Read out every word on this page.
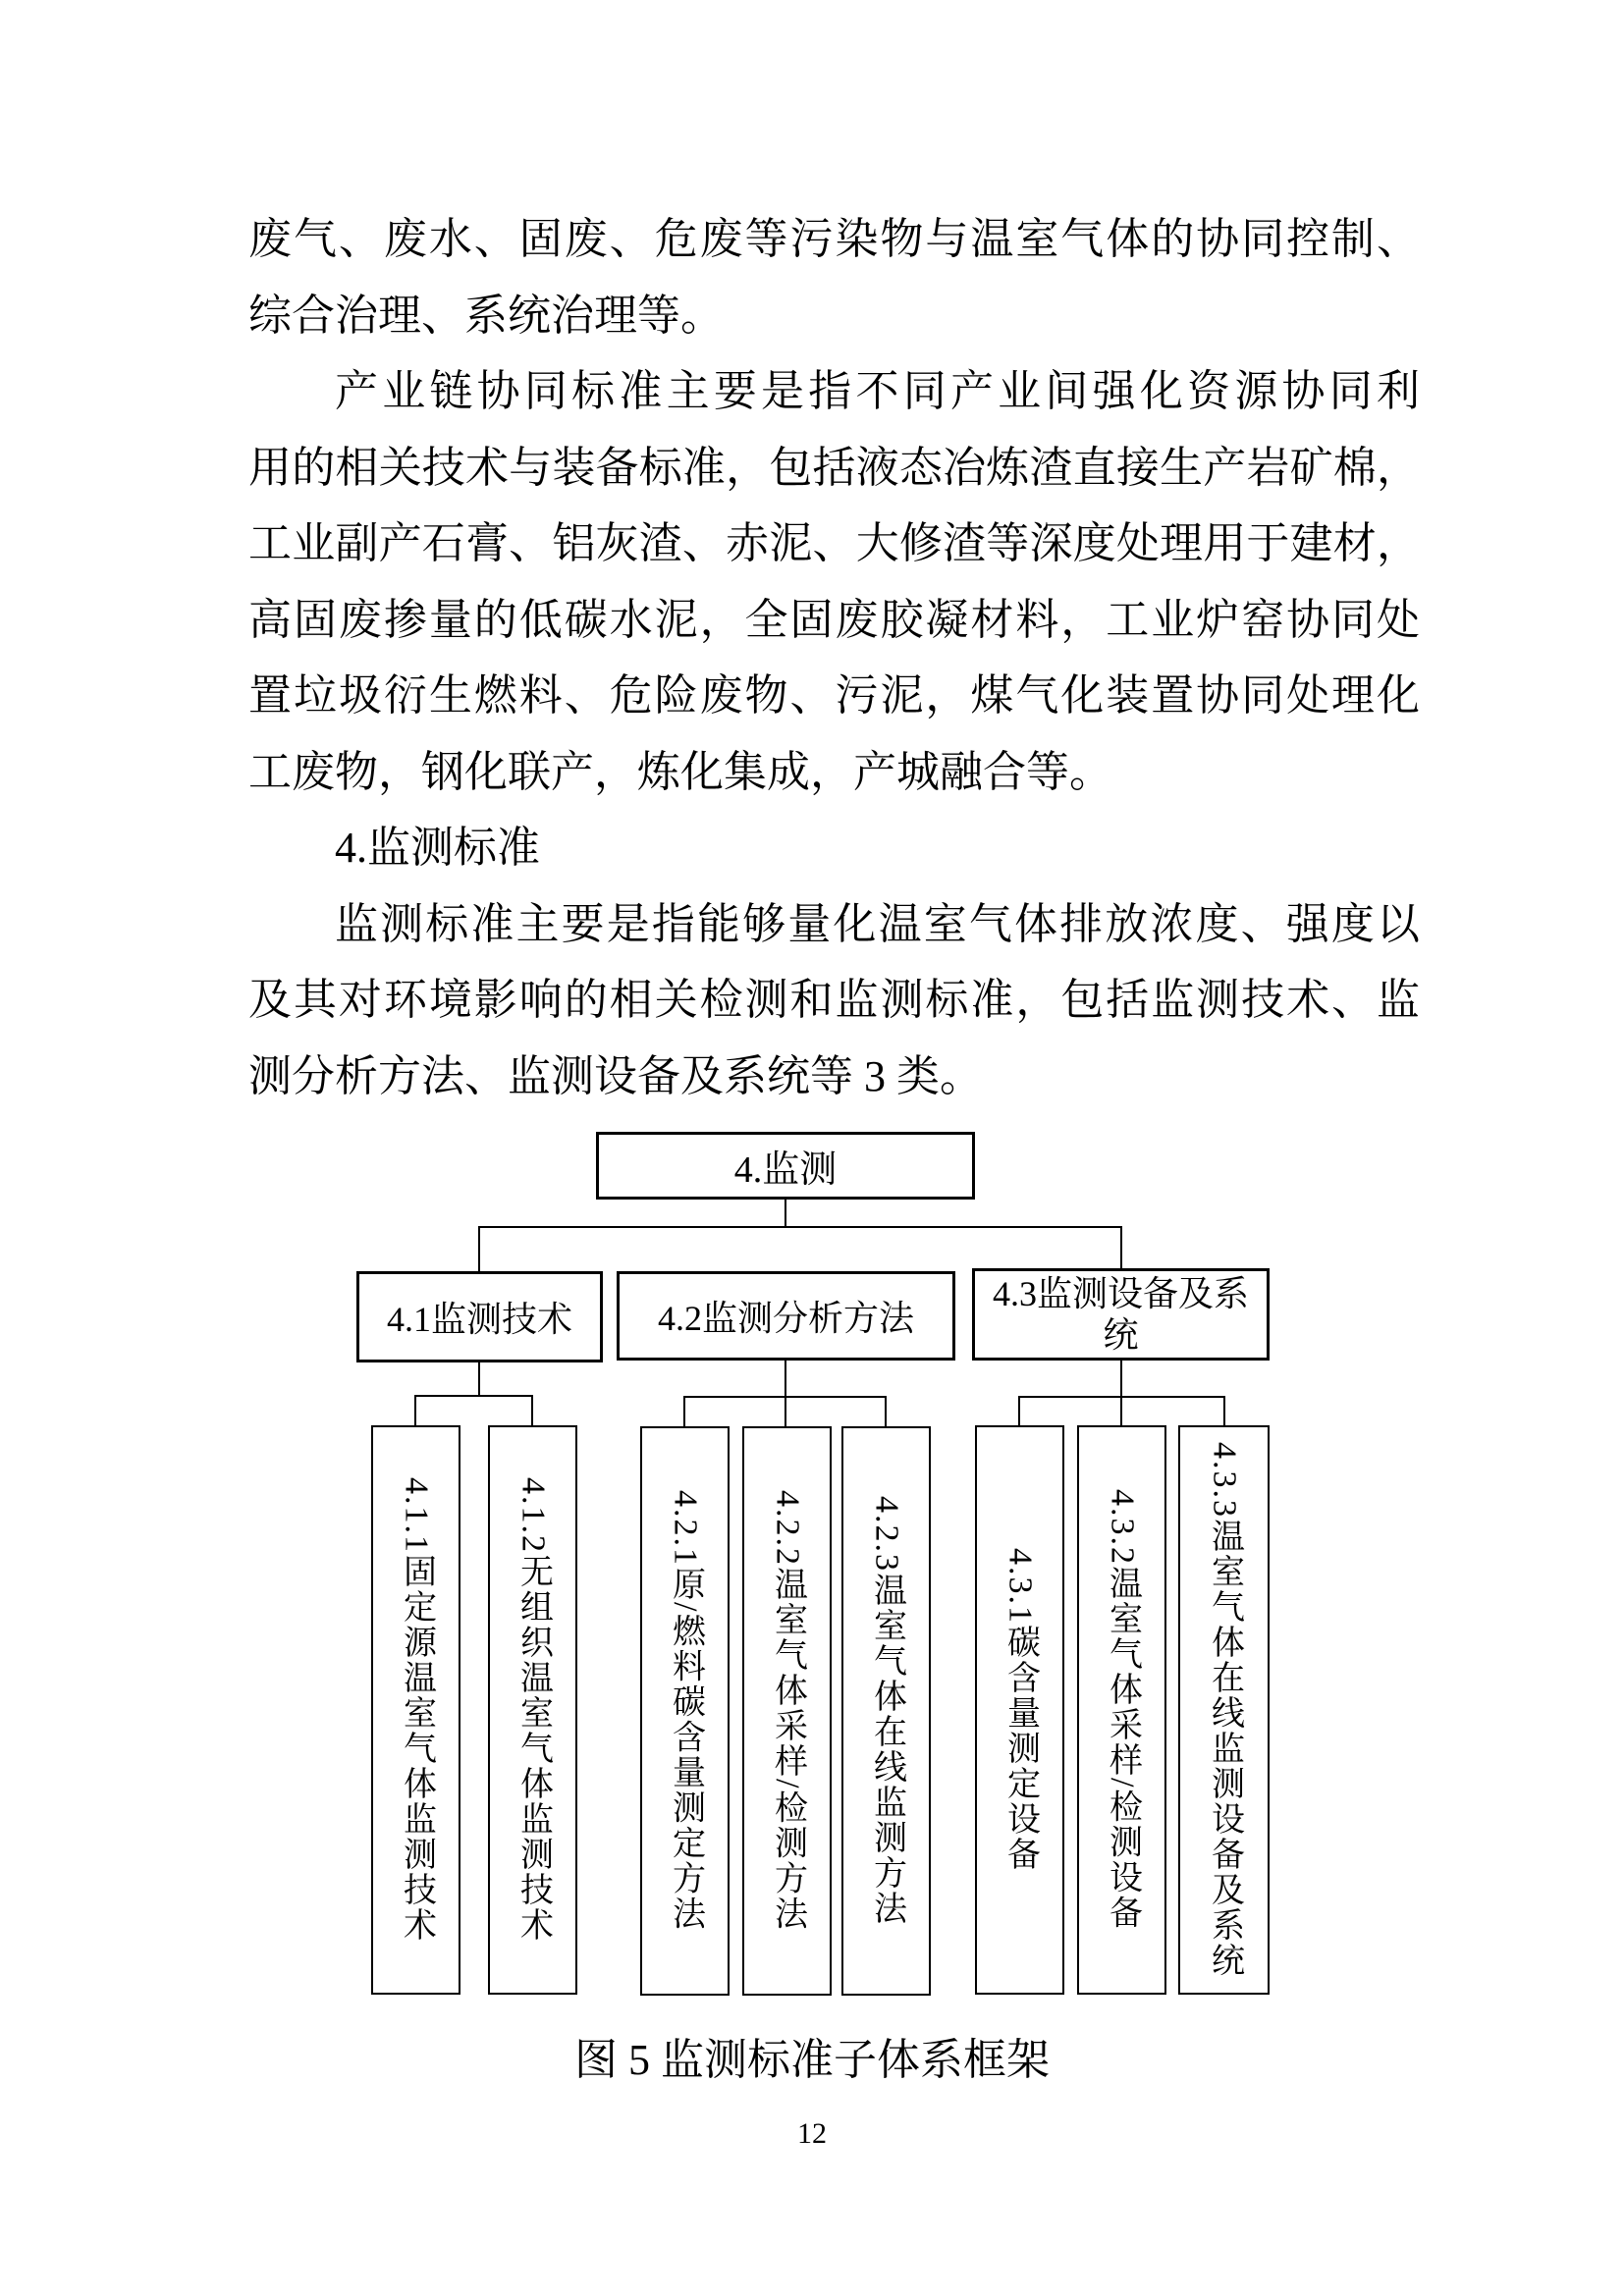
废气、废水、固废、危废等污染物与温室气体的协同控制、
综合治理、系统治理等。
产业链协同标准主要是指不同产业间强化资源协同利
用的相关技术与装备标准，包括液态冶炼渣直接生产岩矿棉，
工业副产石膏、铝灰渣、赤泥、大修渣等深度处理用于建材，
高固废掺量的低碳水泥，全固废胶凝材料，工业炉窑协同处
置垃圾衍生燃料、危险废物、污泥，煤气化装置协同处理化
工废物，钢化联产，炼化集成，产城融合等。
4.监测标准
监测标准主要是指能够量化温室气体排放浓度、强度以
及其对环境影响的相关检测和监测标准，包括监测技术、监
测分析方法、监测设备及系统等 3 类。
4.监测
4.1监测技术 4.2监测分析方法
4.3监测设备及系统
4.1.1固定源温室气体监测技术 4.1.2无组织温室气体监测技术	4.2.1原/燃料碳含量测定方法 4.2.2温室气体采样/检测方法 4.2.3温室气体在线监测方法	4.3.1碳含量测定设备 4.3.2温室气体采样/检测设备 4.3.3温室气体在线监测设备及系统
图 5 监测标准子体系框架
12
